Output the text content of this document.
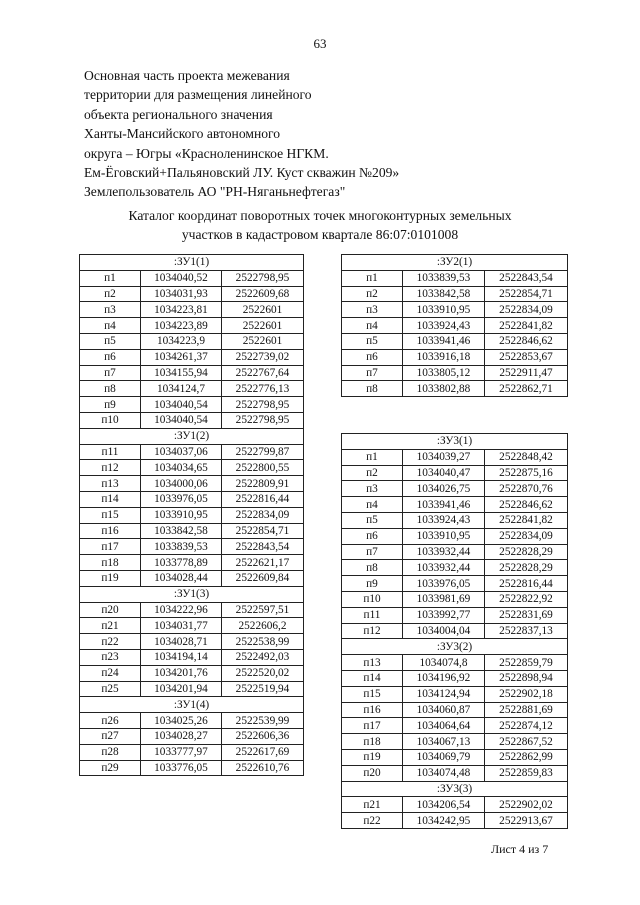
63
Основная часть проекта межевания
территории для размещения линейного
объекта регионального значения
Ханты-Мансийского автономного
округа – Югры «Красноленинское НГКМ.
Ем-Ёговский+Пальяновский ЛУ. Куст скважин №209»
Землепользователь АО "РН-Няганьнефтегаз"
Каталог координат поворотных точек многоконтурных земельных
участков в кадастровом квартале 86:07:0101008
:ЗУ1(1)		
п1	1034040,52	2522798,95
п2	1034031,93	2522609,68
п3	1034223,81	2522601
п4	1034223,89	2522601
п5	1034223,9	2522601
п6	1034261,37	2522739,02
п7	1034155,94	2522767,64
п8	1034124,7	2522776,13
п9	1034040,54	2522798,95
п10	1034040,54	2522798,95
:ЗУ1(2)		
п11	1034037,06	2522799,87
п12	1034034,65	2522800,55
п13	1034000,06	2522809,91
п14	1033976,05	2522816,44
п15	1033910,95	2522834,09
п16	1033842,58	2522854,71
п17	1033839,53	2522843,54
п18	1033778,89	2522621,17
п19	1034028,44	2522609,84
:ЗУ1(3)		
п20	1034222,96	2522597,51
п21	1034031,77	2522606,2
п22	1034028,71	2522538,99
п23	1034194,14	2522492,03
п24	1034201,76	2522520,02
п25	1034201,94	2522519,94
:ЗУ1(4)		
п26	1034025,26	2522539,99
п27	1034028,27	2522606,36
п28	1033777,97	2522617,69
п29	1033776,05	2522610,76
:ЗУ2(1)		
п1	1033839,53	2522843,54
п2	1033842,58	2522854,71
п3	1033910,95	2522834,09
п4	1033924,43	2522841,82
п5	1033941,46	2522846,62
п6	1033916,18	2522853,67
п7	1033805,12	2522911,47
п8	1033802,88	2522862,71
:ЗУ3(1)		
п1	1034039,27	2522848,42
п2	1034040,47	2522875,16
п3	1034026,75	2522870,76
п4	1033941,46	2522846,62
п5	1033924,43	2522841,82
п6	1033910,95	2522834,09
п7	1033932,44	2522828,29
п8	1033932,44	2522828,29
п9	1033976,05	2522816,44
п10	1033981,69	2522822,92
п11	1033992,77	2522831,69
п12	1034004,04	2522837,13
:ЗУ3(2)		
п13	1034074,8	2522859,79
п14	1034196,92	2522898,94
п15	1034124,94	2522902,18
п16	1034060,87	2522881,69
п17	1034064,64	2522874,12
п18	1034067,13	2522867,52
п19	1034069,79	2522862,99
п20	1034074,48	2522859,83
:ЗУ3(3)		
п21	1034206,54	2522902,02
п22	1034242,95	2522913,67
Лист 4 из 7
